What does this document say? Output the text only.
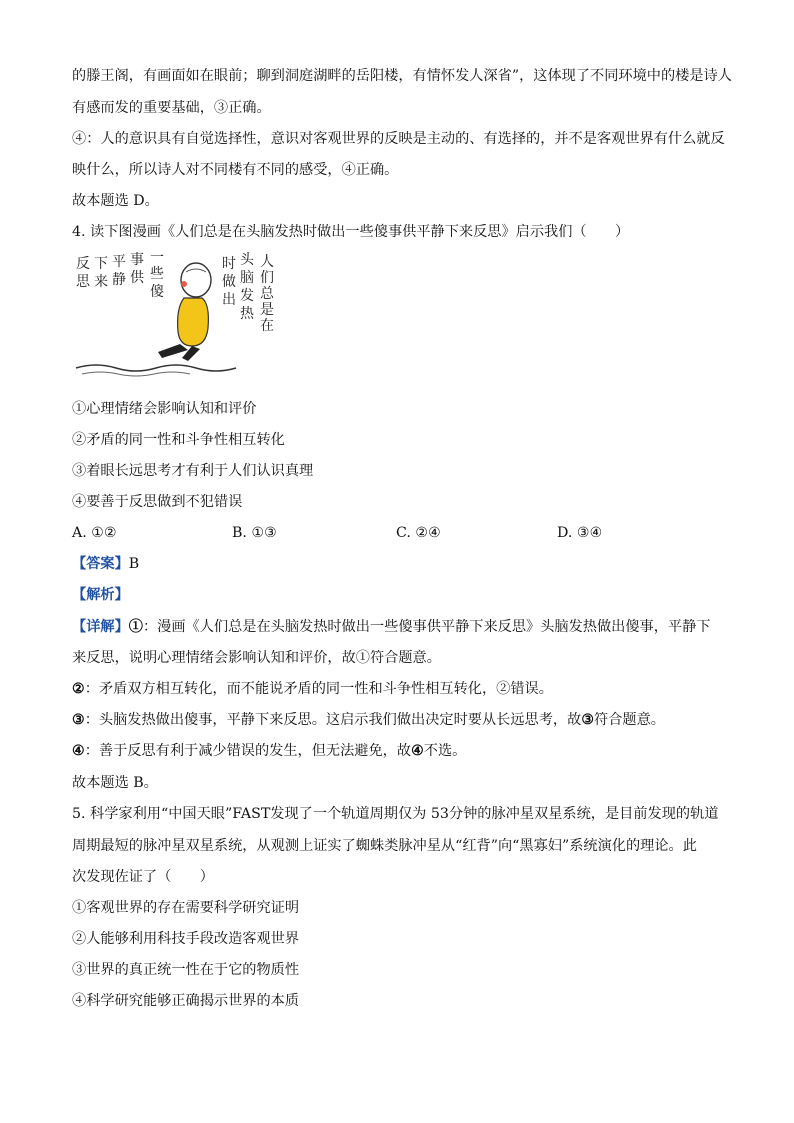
的滕王阁，有画面如在眼前；聊到洞庭湖畔的岳阳楼，有情怀发人深省”，这体现了不同环境中的楼是诗人
有感而发的重要基础，③正确。
④：人的意识具有自觉选择性，意识对客观世界的反映是主动的、有选择的，并不是客观世界有什么就反
映什么，所以诗人对不同楼有不同的感受，④正确。
故本题选 D。
4. 读下图漫画《人们总是在头脑发热时做出一些傻事供平静下来反思》启示我们（　　）
反
思
下
来
平
静
事
供
一
些
傻
时
做
出
头
脑
发
热
人
们
总
是
在
①心理情绪会影响认知和评价
②矛盾的同一性和斗争性相互转化
③着眼长远思考才有利于人们认识真理
④要善于反思做到不犯错误
A. ①②	B. ①③	C. ②④	D. ③④
【答案】B
【解析】
【详解】①：漫画《人们总是在头脑发热时做出一些傻事供平静下来反思》头脑发热做出傻事，平静下
来反思，说明心理情绪会影响认知和评价，故①符合题意。
②：矛盾双方相互转化，而不能说矛盾的同一性和斗争性相互转化，②错误。
③：头脑发热做出傻事，平静下来反思。这启示我们做出决定时要从长远思考，故③符合题意。
④：善于反思有利于减少错误的发生，但无法避免，故④不选。
故本题选 B。
5. 科学家利用“中国天眼”FAST发现了一个轨道周期仅为 53分钟的脉冲星双星系统，是目前发现的轨道
周期最短的脉冲星双星系统，从观测上证实了蜘蛛类脉冲星从“红背”向“黑寡妇”系统演化的理论。此
次发现佐证了（　　）
①客观世界的存在需要科学研究证明
②人能够利用科技手段改造客观世界
③世界的真正统一性在于它的物质性
④科学研究能够正确揭示世界的本质
